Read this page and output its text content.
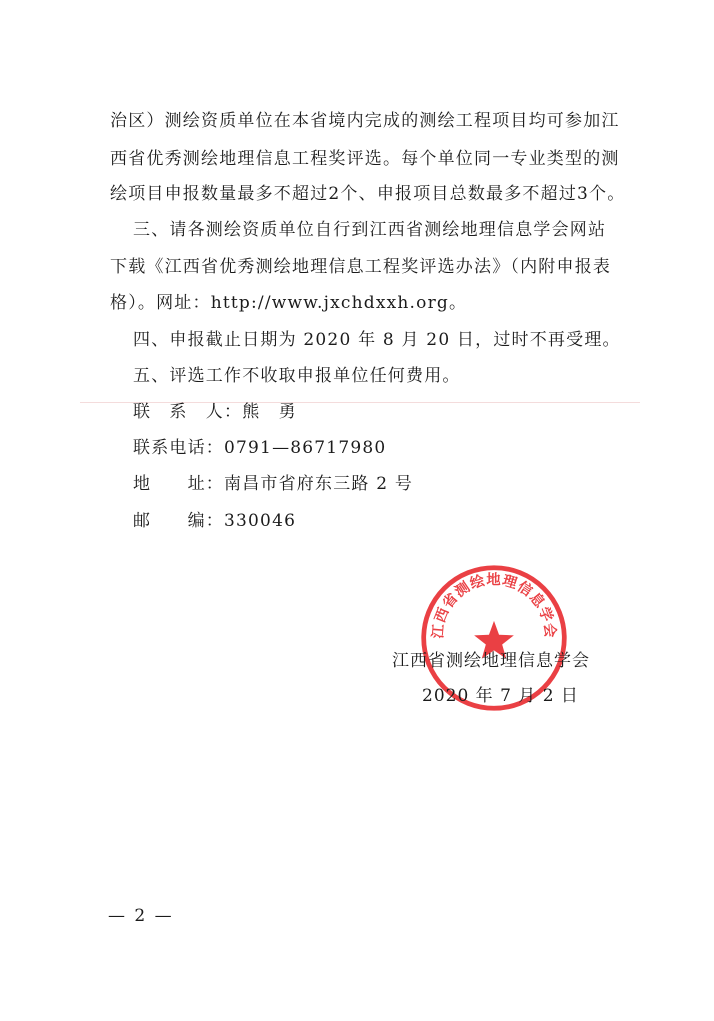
治区）测绘资质单位在本省境内完成的测绘工程项目均可参加江
西省优秀测绘地理信息工程奖评选。每个单位同一专业类型的测
绘项目申报数量最多不超过2个、申报项目总数最多不超过3个。
三、请各测绘资质单位自行到江西省测绘地理信息学会网站
下载《江西省优秀测绘地理信息工程奖评选办法》（内附申报表
格）。网址：http://www.jxchdxxh.org。
四、申报截止日期为 2020 年 8 月 20 日，过时不再受理。
五、评选工作不收取申报单位任何费用。
联　系　人：熊　勇
联系电话：0791—86717980
地　　址：南昌市省府东三路 2 号
邮　　编：330046
江西省测绘地理信息学会
江西省测绘地理信息学会
2020 年 7 月 2 日
— 2 —
